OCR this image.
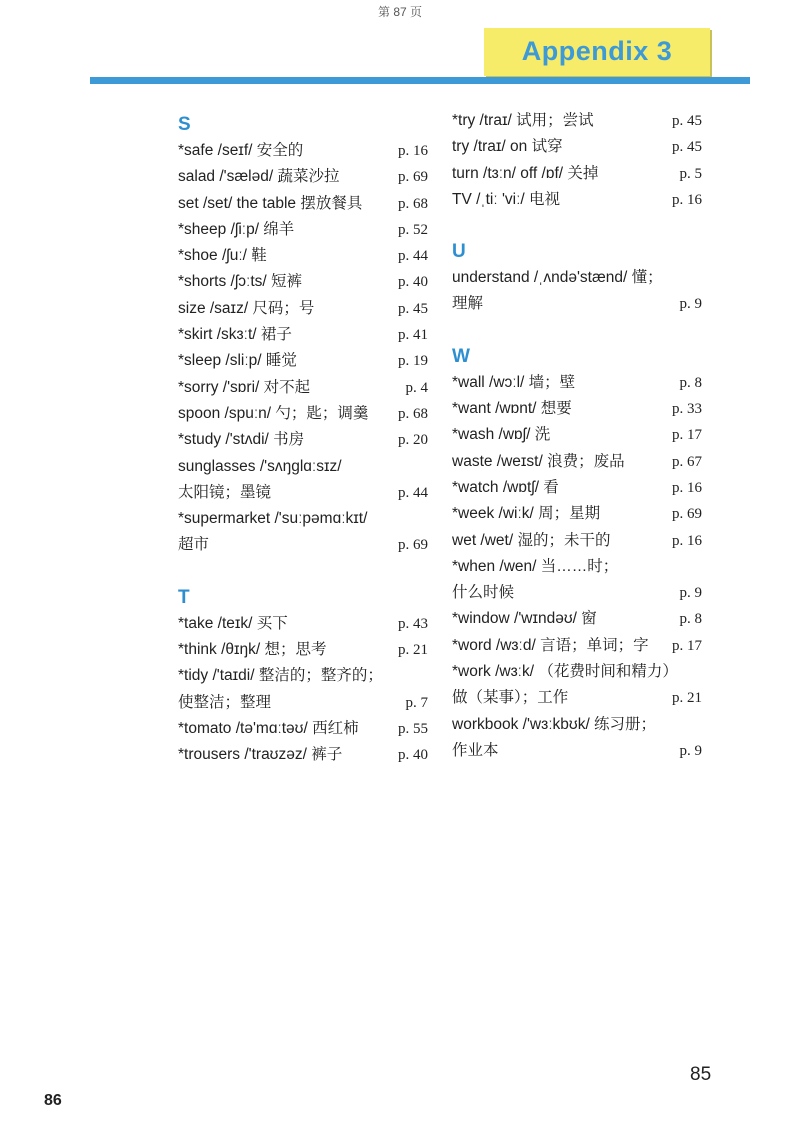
第 87 页
Appendix 3
S
*safe /seɪf/ 安全的	p. 16
salad /'sæləd/ 蔬菜沙拉	p. 69
set /set/ the table 摆放餐具	p. 68
*sheep /ʃiːp/ 绵羊	p. 52
*shoe /ʃuː/ 鞋	p. 44
*shorts /ʃɔːts/ 短裤	p. 40
size /saɪz/ 尺码；号	p. 45
*skirt /skɜːt/ 裙子	p. 41
*sleep /sliːp/ 睡觉	p. 19
*sorry /'sɒri/ 对不起	p. 4
spoon /spuːn/ 勺；匙；调羹	p. 68
*study /'stʌdi/ 书房	p. 20
sunglasses /'sʌŋɡlɑːsɪz/
太阳镜；墨镜	p. 44
*supermarket /'suːpəmɑːkɪt/
超市	p. 69
T
*take /teɪk/ 买下	p. 43
*think /θɪŋk/ 想；思考	p. 21
*tidy /'taɪdi/ 整洁的；整齐的；
使整洁；整理	p. 7
*tomato /tə'mɑːtəʊ/ 西红柿	p. 55
*trousers /'traʊzəz/ 裤子	p. 40
*try /traɪ/ 试用；尝试	p. 45
try /traɪ/ on 试穿	p. 45
turn /tɜːn/ off /ɒf/ 关掉	p. 5
TV /ˌtiː 'viː/ 电视	p. 16
U
understand /ˌʌndə'stænd/ 懂；
理解	p. 9
W
*wall /wɔːl/ 墙；壁	p. 8
*want /wɒnt/ 想要	p. 33
*wash /wɒʃ/ 洗	p. 17
waste /weɪst/ 浪费；废品	p. 67
*watch /wɒtʃ/ 看	p. 16
*week /wiːk/ 周；星期	p. 69
wet /wet/ 湿的；未干的	p. 16
*when /wen/ 当……时；
什么时候	p. 9
*window /'wɪndəʊ/ 窗	p. 8
*word /wɜːd/ 言语；单词；字	p. 17
*work /wɜːk/ （花费时间和精力）
做（某事）；工作	p. 21
workbook /'wɜːkbʊk/ 练习册；
作业本	p. 9
86
85
